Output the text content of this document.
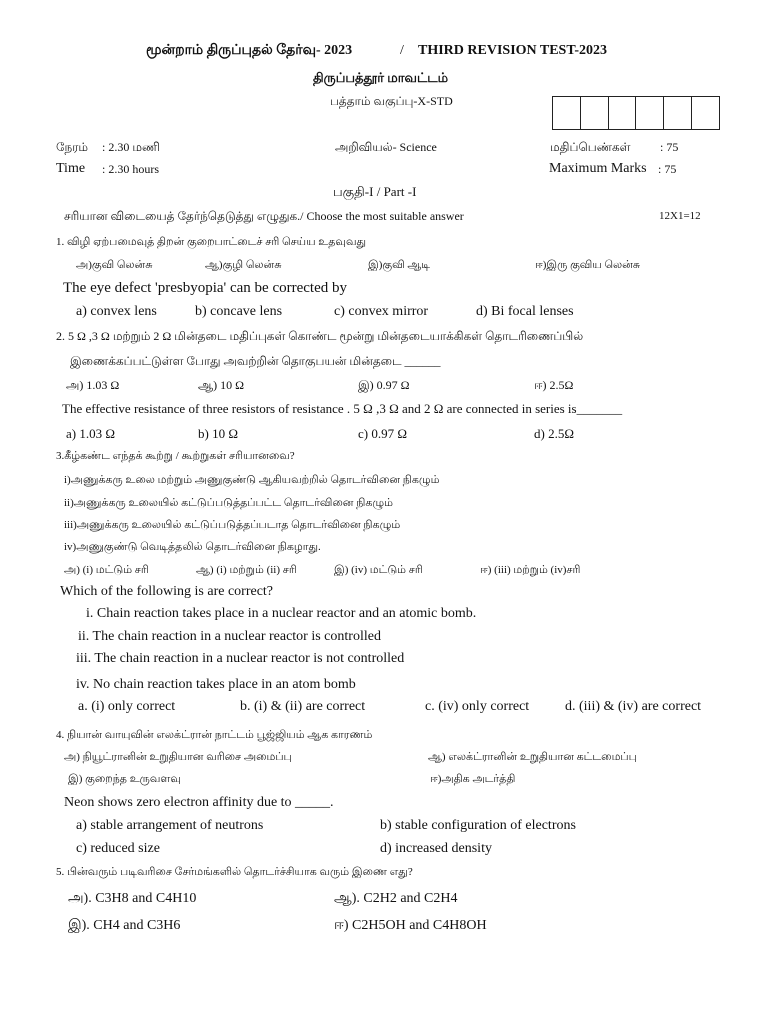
மூன்றாம் திருப்புதல் தேர்வு- 2023	/ THIRD REVISION TEST-2023
திருப்பத்தூர் மாவட்டம்
பத்தாம் வகுப்பு-X-STD
நேரம் : 2.30 மணி	அறிவியல்- Science	மதிப்பெண்கள் : 75
Time : 2.30 hours	Maximum Marks : 75
பகுதி-I / Part -I
சரியான விடையைத் தேர்ந்தெடுத்து எழுதுக./ Choose the most suitable answer	12X1=12
1. விழி ஏற்பமைவுத் திறன் குறைபாட்டைச் சரி செய்ய உதவுவது
அ)குவி லென்சு	ஆ)குழி லென்சு	இ)குவி ஆடி	ஈ)இரு குவிய லென்சு
The eye defect 'presbyopia' can be corrected by
a) convex lens	b) concave lens	c) convex mirror	d) Bi focal lenses
2. 5 Ω ,3 Ω மற்றும் 2 Ω மின்தடை மதிப்புகள் கொண்ட மூன்று மின்தடையாக்கிகள் தொடரிணைப்பில்
இணைக்கப்பட்டுள்ள போது அவற்றின் தொகுபயன் மின்தடை ______
அ) 1.03 Ω	ஆ) 10 Ω	இ) 0.97 Ω	ஈ) 2.5Ω
The effective resistance of three resistors of resistance . 5 Ω ,3 Ω and 2 Ω are connected in series is_______
a) 1.03 Ω	b) 10 Ω	c) 0.97 Ω	d) 2.5Ω
3.கீழ்கண்ட எந்தக் கூற்று / கூற்றுகள் சரியானவை?
i)அணுக்கரு உலை மற்றும் அணுகுண்டு ஆகியவற்றில் தொடர்வினை நிகழும்
ii)அணுக்கரு உலையில் கட்டுப்படுத்தப்பட்ட தொடர்வினை நிகழும்
iii)அணுக்கரு உலையில் கட்டுப்படுத்தப்படாத தொடர்வினை நிகழும்
iv)அணுகுண்டு வெடித்தலில் தொடர்வினை நிகழாது.
அ) (i) மட்டும் சரி	ஆ) (i) மற்றும் (ii) சரி	இ) (iv) மட்டும் சரி	ஈ) (iii) மற்றும் (iv)சரி
Which of the following is are correct?
i. Chain reaction takes place in a nuclear reactor and an atomic bomb.
ii. The chain reaction in a nuclear reactor is controlled
iii. The chain reaction in a nuclear reactor is not controlled
iv. No chain reaction takes place in an atom bomb
a. (i) only correct	b. (i) & (ii) are correct	c. (iv) only correct	d. (iii) & (iv) are correct
4. நியான் வாயுவின் எலக்ட்ரான் நாட்டம் பூஜ்ஜியம் ஆக காரணம்
அ) நியூட்ரானின் உறுதியான வரிசை அமைப்பு	ஆ) எலக்ட்ரானின் உறுதியான கட்டமைப்பு
இ) குறைந்த உருவளவு	ஈ)அதிக அடர்த்தி
Neon shows zero electron affinity due to _____.
a) stable arrangement of neutrons	b) stable configuration of electrons
c) reduced size	d) increased density
5. பின்வரும் படிவரிசை சேர்மங்களில் தொடர்ச்சியாக வரும் இணை எது?
அ). C3H8 and C4H10	ஆ). C2H2 and C2H4
இ). CH4 and C3H6	ஈ) C2H5OH and C4H8OH
